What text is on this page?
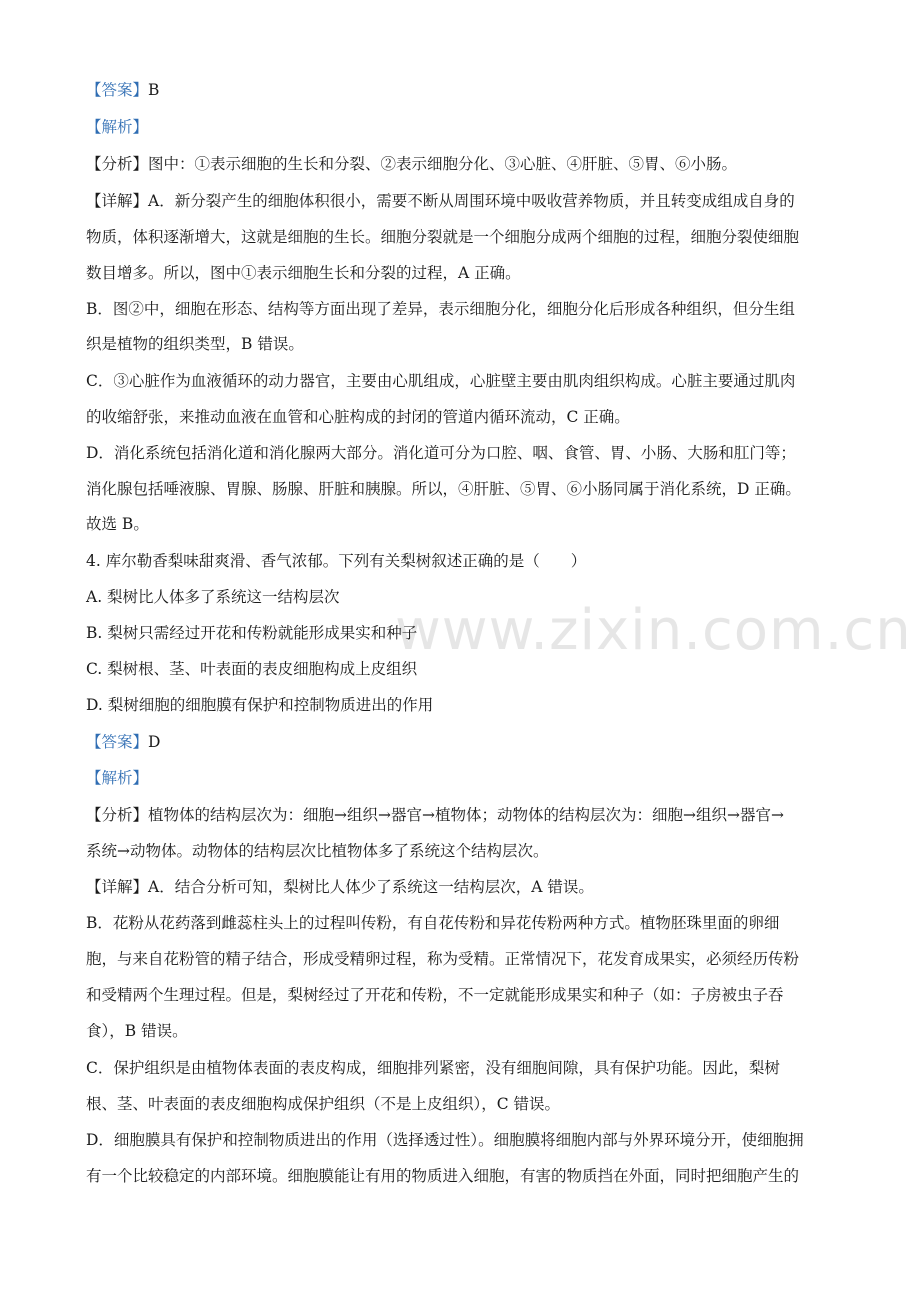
www.zixin.com.cn
【答案】B
【解析】
【分析】图中：①表示细胞的生长和分裂、②表示细胞分化、③心脏、④肝脏、⑤胃、⑥小肠。
【详解】A．新分裂产生的细胞体积很小，需要不断从周围环境中吸收营养物质，并且转变成组成自身的
物质，体积逐渐增大，这就是细胞的生长。细胞分裂就是一个细胞分成两个细胞的过程，细胞分裂使细胞
数目增多。所以，图中①表示细胞生长和分裂的过程，A 正确。
B．图②中，细胞在形态、结构等方面出现了差异，表示细胞分化，细胞分化后形成各种组织，但分生组
织是植物的组织类型，B 错误。
C．③心脏作为血液循环的动力器官，主要由心肌组成，心脏壁主要由肌肉组织构成。心脏主要通过肌肉
的收缩舒张，来推动血液在血管和心脏构成的封闭的管道内循环流动，C 正确。
D．消化系统包括消化道和消化腺两大部分。消化道可分为口腔、咽、食管、胃、小肠、大肠和肛门等；
消化腺包括唾液腺、胃腺、肠腺、肝脏和胰腺。所以，④肝脏、⑤胃、⑥小肠同属于消化系统，D 正确。
故选 B。
4. 库尔勒香梨味甜爽滑、香气浓郁。下列有关梨树叙述正确的是（　　）
A. 梨树比人体多了系统这一结构层次
B. 梨树只需经过开花和传粉就能形成果实和种子
C. 梨树根、茎、叶表面的表皮细胞构成上皮组织
D. 梨树细胞的细胞膜有保护和控制物质进出的作用
【答案】D
【解析】
【分析】植物体的结构层次为：细胞→组织→器官→植物体；动物体的结构层次为：细胞→组织→器官→
系统→动物体。动物体的结构层次比植物体多了系统这个结构层次。
【详解】A．结合分析可知，梨树比人体少了系统这一结构层次，A 错误。
B．花粉从花药落到雌蕊柱头上的过程叫传粉，有自花传粉和异花传粉两种方式。植物胚珠里面的卵细
胞，与来自花粉管的精子结合，形成受精卵过程，称为受精。正常情况下，花发育成果实，必须经历传粉
和受精两个生理过程。但是，梨树经过了开花和传粉，不一定就能形成果实和种子（如：子房被虫子吞
食），B 错误。
C．保护组织是由植物体表面的表皮构成，细胞排列紧密，没有细胞间隙，具有保护功能。因此，梨树
根、茎、叶表面的表皮细胞构成保护组织（不是上皮组织），C 错误。
D．细胞膜具有保护和控制物质进出的作用（选择透过性）。细胞膜将细胞内部与外界环境分开，使细胞拥
有一个比较稳定的内部环境。细胞膜能让有用的物质进入细胞，有害的物质挡在外面，同时把细胞产生的
